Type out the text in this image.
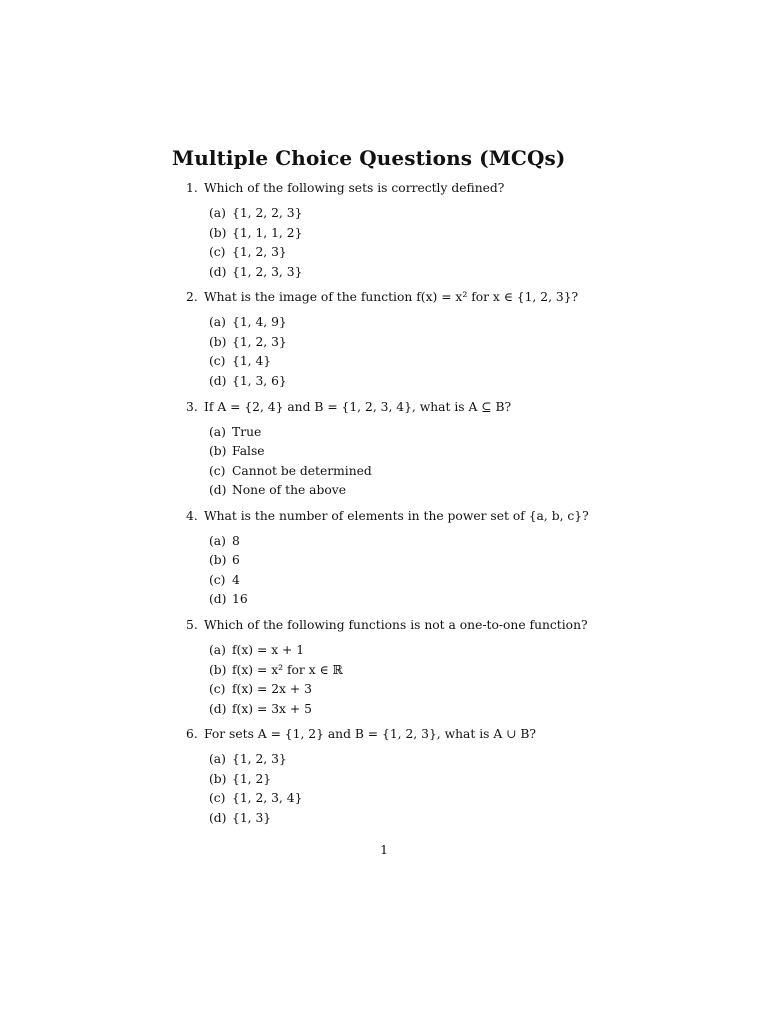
Multiple Choice Questions (MCQs)
1. Which of the following sets is correctly defined?
(a) {1, 2, 2, 3}
(b) {1, 1, 1, 2}
(c) {1, 2, 3}
(d) {1, 2, 3, 3}
2. What is the image of the function f(x) = x² for x ∈ {1, 2, 3}?
(a) {1, 4, 9}
(b) {1, 2, 3}
(c) {1, 4}
(d) {1, 3, 6}
3. If A = {2, 4} and B = {1, 2, 3, 4}, what is A ⊆ B?
(a) True
(b) False
(c) Cannot be determined
(d) None of the above
4. What is the number of elements in the power set of {a, b, c}?
(a) 8
(b) 6
(c) 4
(d) 16
5. Which of the following functions is not a one-to-one function?
(a) f(x) = x + 1
(b) f(x) = x² for x ∈ ℝ
(c) f(x) = 2x + 3
(d) f(x) = 3x + 5
6. For sets A = {1, 2} and B = {1, 2, 3}, what is A ∪ B?
(a) {1, 2, 3}
(b) {1, 2}
(c) {1, 2, 3, 4}
(d) {1, 3}
1
